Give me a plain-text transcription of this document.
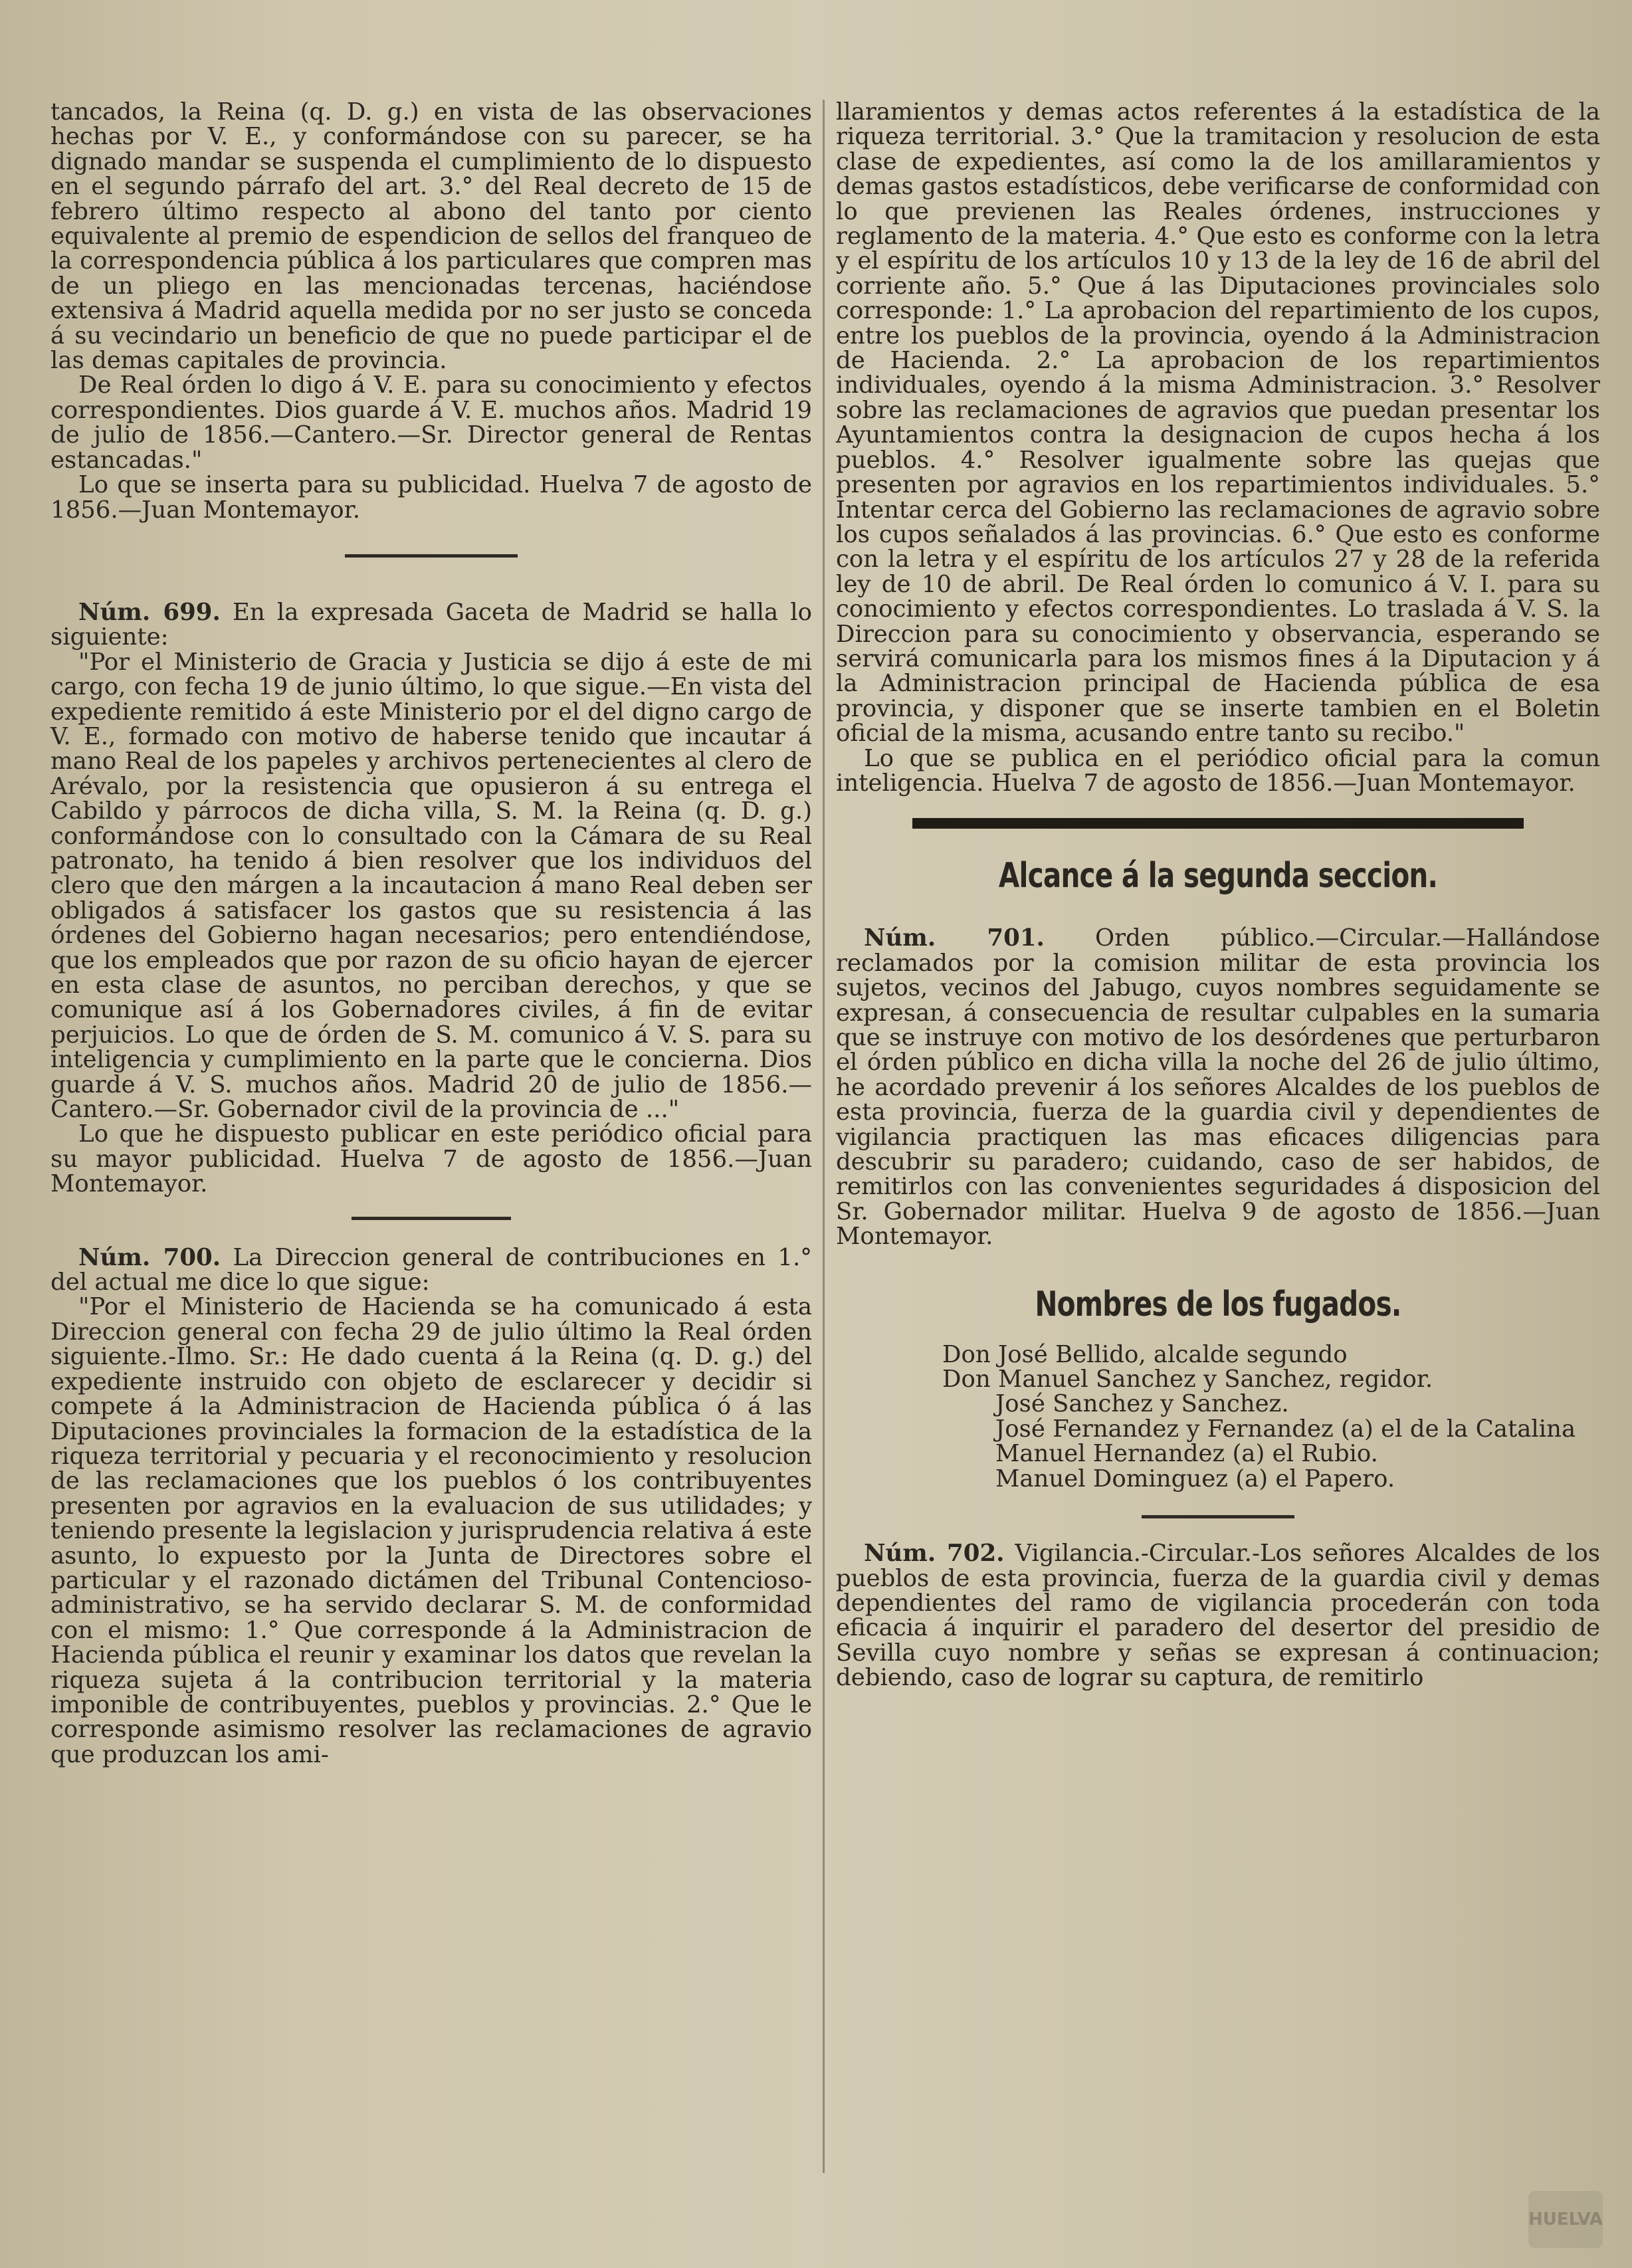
tancados, la Reina (q. D. g.) en vista de las observaciones hechas por V. E., y conformándose con su parecer, se ha dignado mandar se suspenda el cumplimiento de lo dispuesto en el segundo párrafo del art. 3.° del Real decreto de 15 de febrero último respecto al abono del tanto por ciento equivalente al premio de espendicion de sellos del franqueo de la correspondencia pública á los particulares que compren mas de un pliego en las mencionadas tercenas, haciéndose extensiva á Madrid aquella medida por no ser justo se conceda á su vecindario un beneficio de que no puede participar el de las demas capitales de provincia.

De Real órden lo digo á V. E. para su conocimiento y efectos correspondientes. Dios guarde á V. E. muchos años. Madrid 19 de julio de 1856.—Cantero.—Sr. Director general de Rentas estancadas."

Lo que se inserta para su publicidad. Huelva 7 de agosto de 1856.—Juan Montemayor.

Núm. 699. En la expresada Gaceta de Madrid se halla lo siguiente:

"Por el Ministerio de Gracia y Justicia se dijo á este de mi cargo, con fecha 19 de junio último, lo que sigue.—En vista del expediente remitido á este Ministerio por el del digno cargo de V. E., formado con motivo de haberse tenido que incautar á mano Real de los papeles y archivos pertenecientes al clero de Arévalo, por la resistencia que opusieron á su entrega el Cabildo y párrocos de dicha villa, S. M. la Reina (q. D. g.) conformándose con lo consultado con la Cámara de su Real patronato, ha tenido á bien resolver que los individuos del clero que den márgen a la incautacion á mano Real deben ser obligados á satisfacer los gastos que su resistencia á las órdenes del Gobierno hagan necesarios; pero entendiéndose, que los empleados que por razon de su oficio hayan de ejercer en esta clase de asuntos, no perciban derechos, y que se comunique así á los Gobernadores civiles, á fin de evitar perjuicios. Lo que de órden de S. M. comunico á V. S. para su inteligencia y cumplimiento en la parte que le concierna. Dios guarde á V. S. muchos años. Madrid 20 de julio de 1856.—Cantero.—Sr. Gobernador civil de la provincia de ..."

Lo que he dispuesto publicar en este periódico oficial para su mayor publicidad. Huelva 7 de agosto de 1856.—Juan Montemayor.

Núm. 700. La Direccion general de contribuciones en 1.° del actual me dice lo que sigue:

"Por el Ministerio de Hacienda se ha comunicado á esta Direccion general con fecha 29 de julio último la Real órden siguiente.-Ilmo. Sr.: He dado cuenta á la Reina (q. D. g.) del expediente instruido con objeto de esclarecer y decidir si compete á la Administracion de Hacienda pública ó á las Diputaciones provinciales la formacion de la estadística de la riqueza territorial y pecuaria y el reconocimiento y resolucion de las reclamaciones que los pueblos ó los contribuyentes presenten por agravios en la evaluacion de sus utilidades; y teniendo presente la legislacion y jurisprudencia relativa á este asunto, lo expuesto por la Junta de Directores sobre el particular y el razonado dictámen del Tribunal Contencioso-administrativo, se ha servido declarar S. M. de conformidad con el mismo: 1.° Que corresponde á la Administracion de Hacienda pública el reunir y examinar los datos que revelan la riqueza sujeta á la contribucion territorial y la materia imponible de contribuyentes, pueblos y provincias. 2.° Que le corresponde asimismo resolver las reclamaciones de agravio que produzcan los ami-

llaramientos y demas actos referentes á la estadística de la riqueza territorial. 3.° Que la tramitacion y resolucion de esta clase de expedientes, así como la de los amillaramientos y demas gastos estadísticos, debe verificarse de conformidad con lo que previenen las Reales órdenes, instrucciones y reglamento de la materia. 4.° Que esto es conforme con la letra y el espíritu de los artículos 10 y 13 de la ley de 16 de abril del corriente año. 5.° Que á las Diputaciones provinciales solo corresponde: 1.° La aprobacion del repartimiento de los cupos, entre los pueblos de la provincia, oyendo á la Administracion de Hacienda. 2.° La aprobacion de los repartimientos individuales, oyendo á la misma Administracion. 3.° Resolver sobre las reclamaciones de agravios que puedan presentar los Ayuntamientos contra la designacion de cupos hecha á los pueblos. 4.° Resolver igualmente sobre las quejas que presenten por agravios en los repartimientos individuales. 5.° Intentar cerca del Gobierno las reclamaciones de agravio sobre los cupos señalados á las provincias. 6.° Que esto es conforme con la letra y el espíritu de los artículos 27 y 28 de la referida ley de 10 de abril. De Real órden lo comunico á V. I. para su conocimiento y efectos correspondientes. Lo traslada á V. S. la Direccion para su conocimiento y observancia, esperando se servirá comunicarla para los mismos fines á la Diputacion y á la Administracion principal de Hacienda pública de esa provincia, y disponer que se inserte tambien en el Boletin oficial de la misma, acusando entre tanto su recibo."

Lo que se publica en el periódico oficial para la comun inteligencia. Huelva 7 de agosto de 1856.—Juan Montemayor.

Alcance á la segunda seccion.

Núm. 701. Orden público.—Circular.—Hallándose reclamados por la comision militar de esta provincia los sujetos, vecinos del Jabugo, cuyos nombres seguidamente se expresan, á consecuencia de resultar culpables en la sumaria que se instruye con motivo de los desórdenes que perturbaron el órden público en dicha villa la noche del 26 de julio último, he acordado prevenir á los señores Alcaldes de los pueblos de esta provincia, fuerza de la guardia civil y dependientes de vigilancia practiquen las mas eficaces diligencias para descubrir su paradero; cuidando, caso de ser habidos, de remitirlos con las convenientes seguridades á disposicion del Sr. Gobernador militar. Huelva 9 de agosto de 1856.—Juan Montemayor.

Nombres de los fugados.
Don José Bellido, alcalde segundo
Don Manuel Sanchez y Sanchez, regidor.
José Sanchez y Sanchez.
José Fernandez y Fernandez (a) el de la Catalina
Manuel Hernandez (a) el Rubio.
Manuel Dominguez (a) el Papero.

Núm. 702. Vigilancia.-Circular.-Los señores Alcaldes de los pueblos de esta provincia, fuerza de la guardia civil y demas dependientes del ramo de vigilancia procederán con toda eficacia á inquirir el paradero del desertor del presidio de Sevilla cuyo nombre y señas se expresan á continuacion; debiendo, caso de lograr su captura, de remitirlo

HUELVA
